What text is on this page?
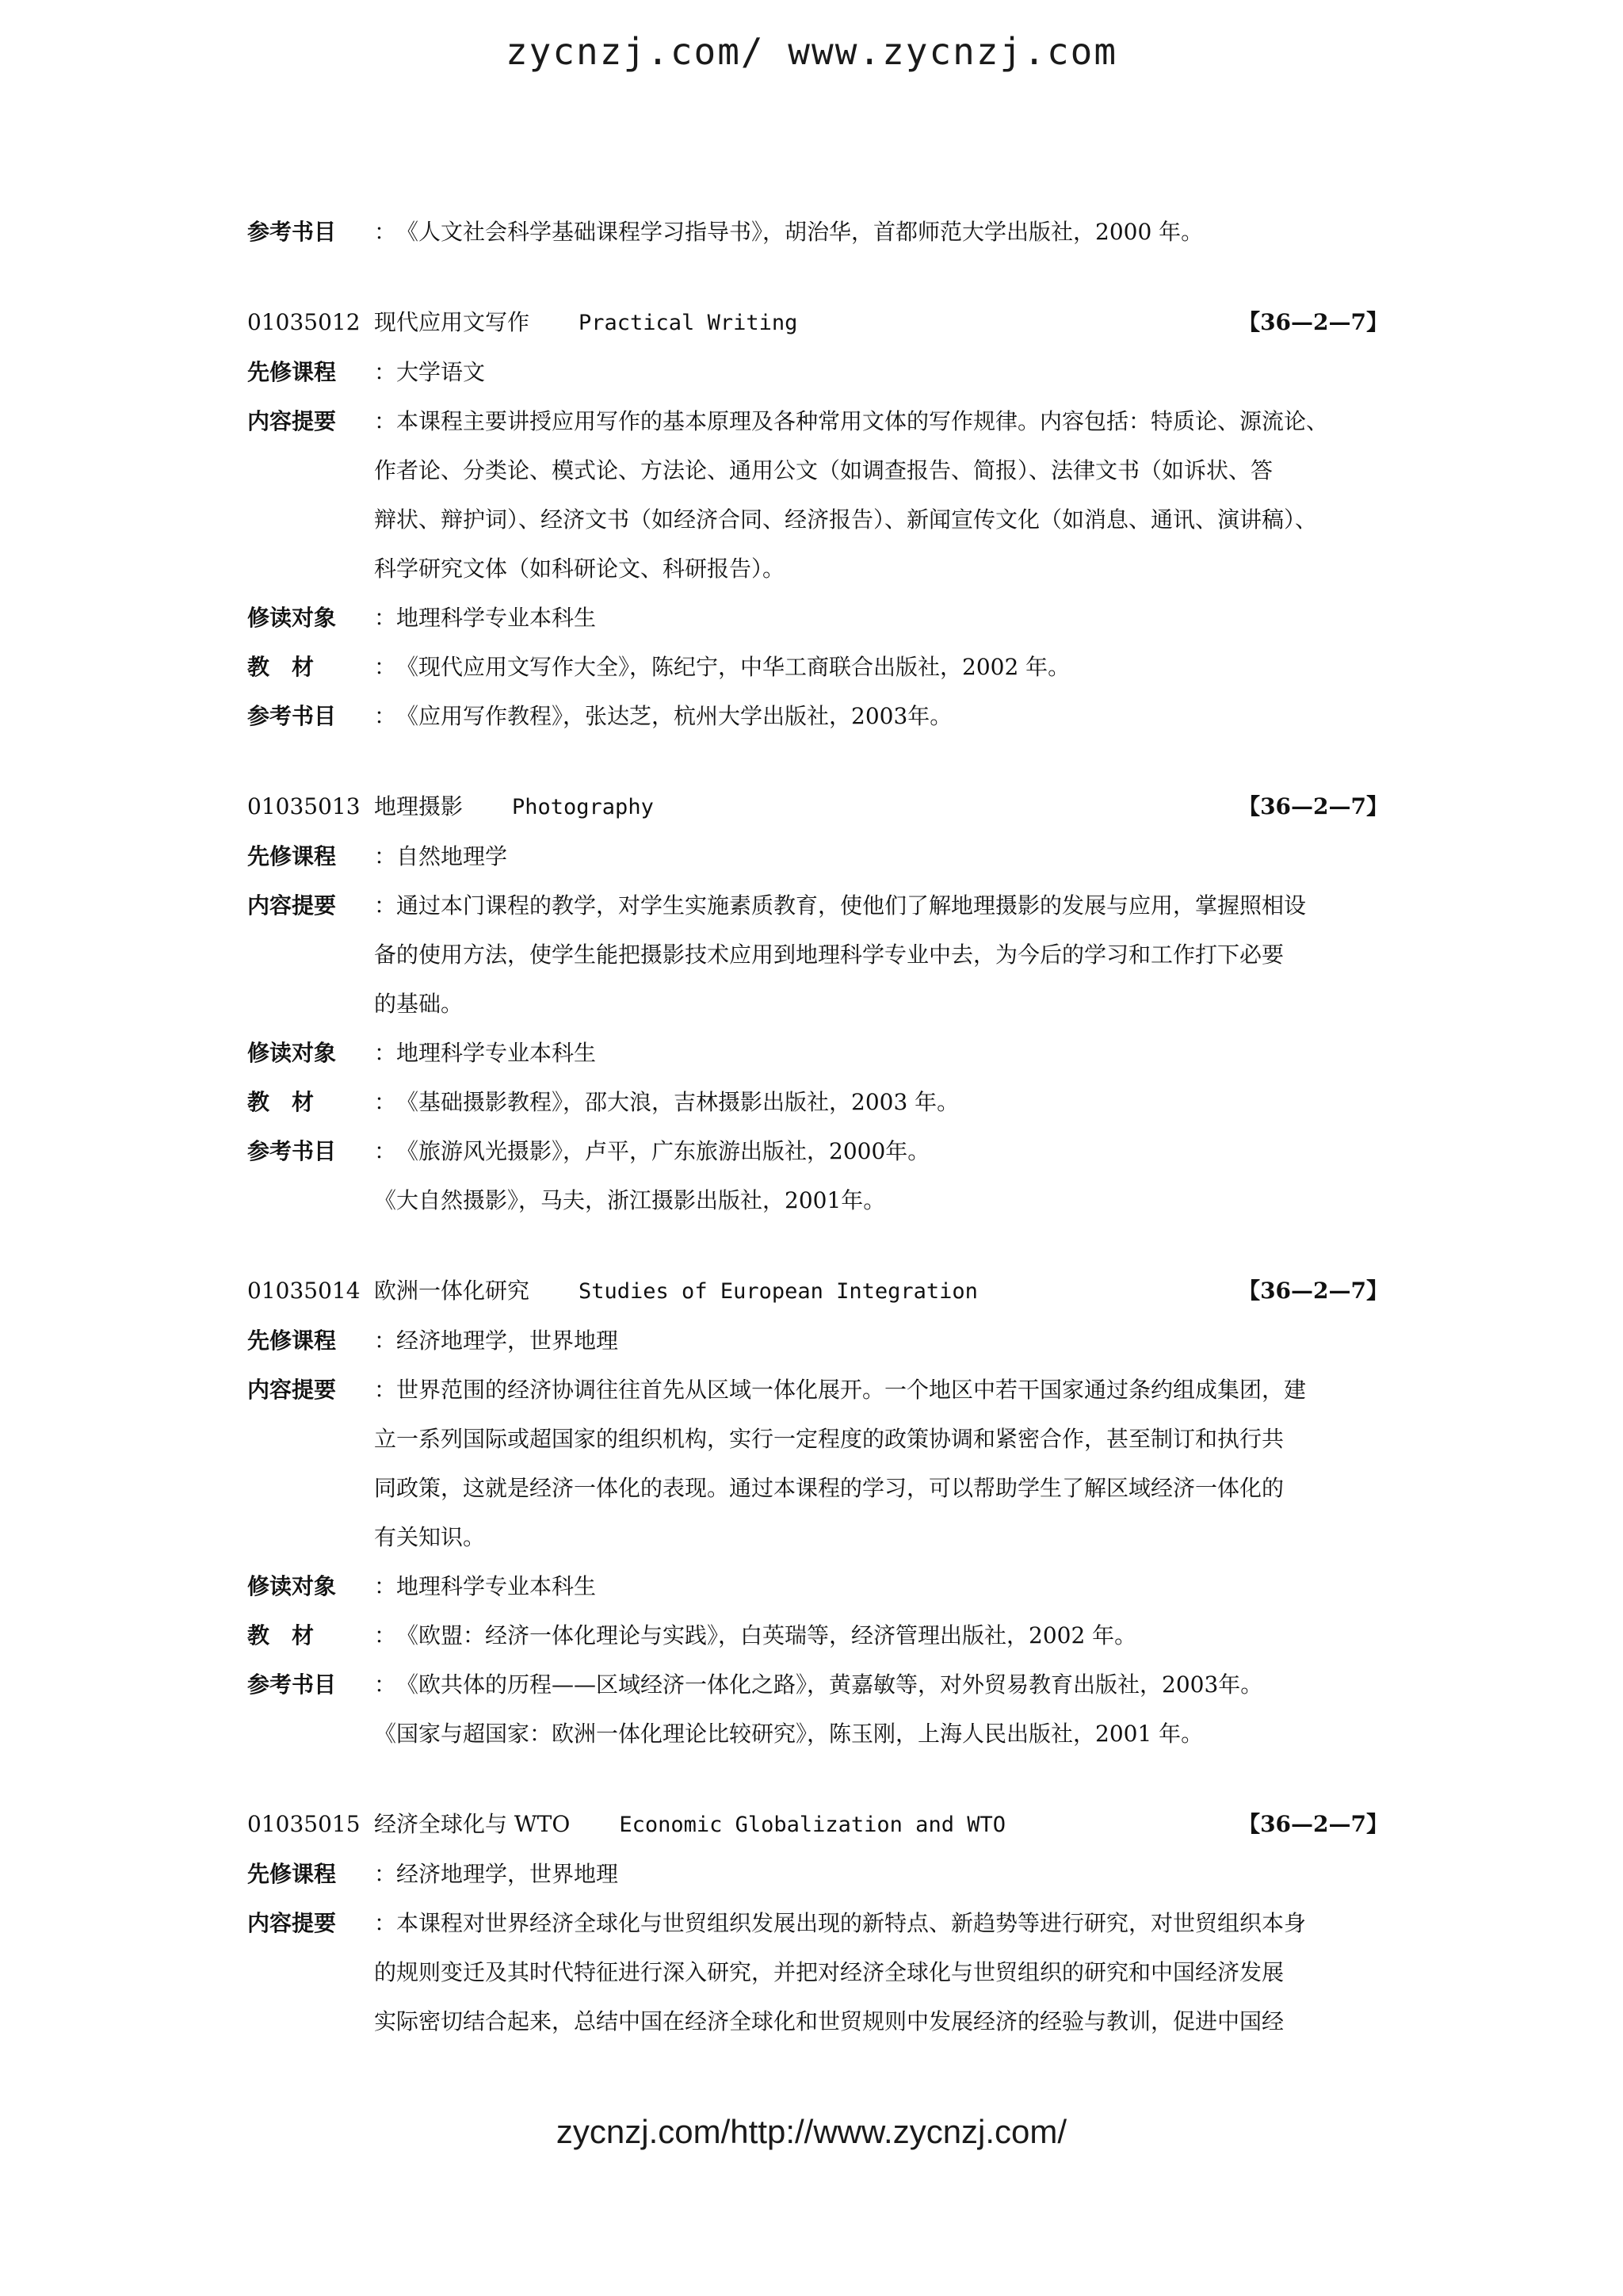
zycnzj.com/ www.zycnzj.com
参考书目	： 《人文社会科学基础课程学习指导书》，胡治华，首都师范大学出版社，2000 年。
01035012 现代应用文写作 Practical Writing	【36—2—7】
先修课程	： 大学语文
内容提要 ：本课程主要讲授应用写作的基本原理及各种常用文体的写作规律。内容包括：特质论、源流论、
作者论、分类论、模式论、方法论、通用公文（如调查报告、简报）、法律文书（如诉状、答
辩状、辩护词）、经济文书（如经济合同、经济报告）、新闻宣传文化（如消息、通讯、演讲稿）、
科学研究文体（如科研论文、科研报告）。
修读对象	： 地理科学专业本科生
教材	： 《现代应用文写作大全》，陈纪宁，中华工商联合出版社，2002 年。
参考书目	： 《应用写作教程》，张达芝，杭州大学出版社，2003年。
01035013 地理摄影 Photography	【36—2—7】
先修课程	： 自然地理学
内容提要 ：通过本门课程的教学，对学生实施素质教育，使他们了解地理摄影的发展与应用，掌握照相设
备的使用方法，使学生能把摄影技术应用到地理科学专业中去，为今后的学习和工作打下必要
的基础。
修读对象	： 地理科学专业本科生
教材	： 《基础摄影教程》，邵大浪，吉林摄影出版社，2003 年。
参考书目	： 《旅游风光摄影》，卢平，广东旅游出版社，2000年。
《大自然摄影》，马夫，浙江摄影出版社，2001年。
01035014 欧洲一体化研究 Studies of European Integration	【36—2—7】
先修课程	： 经济地理学，世界地理
内容提要 ：世界范围的经济协调往往首先从区域一体化展开。一个地区中若干国家通过条约组成集团，建
立一系列国际或超国家的组织机构，实行一定程度的政策协调和紧密合作，甚至制订和执行共
同政策，这就是经济一体化的表现。通过本课程的学习，可以帮助学生了解区域经济一体化的
有关知识。
修读对象	： 地理科学专业本科生
教材	： 《欧盟：经济一体化理论与实践》，白英瑞等，经济管理出版社，2002 年。
参考书目	： 《欧共体的历程——区域经济一体化之路》，黄嘉敏等，对外贸易教育出版社，2003年。
《国家与超国家：欧洲一体化理论比较研究》，陈玉刚，上海人民出版社，2001 年。
01035015 经济全球化与 WTO Economic Globalization and WTO	【36—2—7】
先修课程	： 经济地理学，世界地理
内容提要 ：本课程对世界经济全球化与世贸组织发展出现的新特点、新趋势等进行研究，对世贸组织本身
的规则变迁及其时代特征进行深入研究，并把对经济全球化与世贸组织的研究和中国经济发展
实际密切结合起来，总结中国在经济全球化和世贸规则中发展经济的经验与教训，促进中国经
zycnzj.com/http://www.zycnzj.com/
